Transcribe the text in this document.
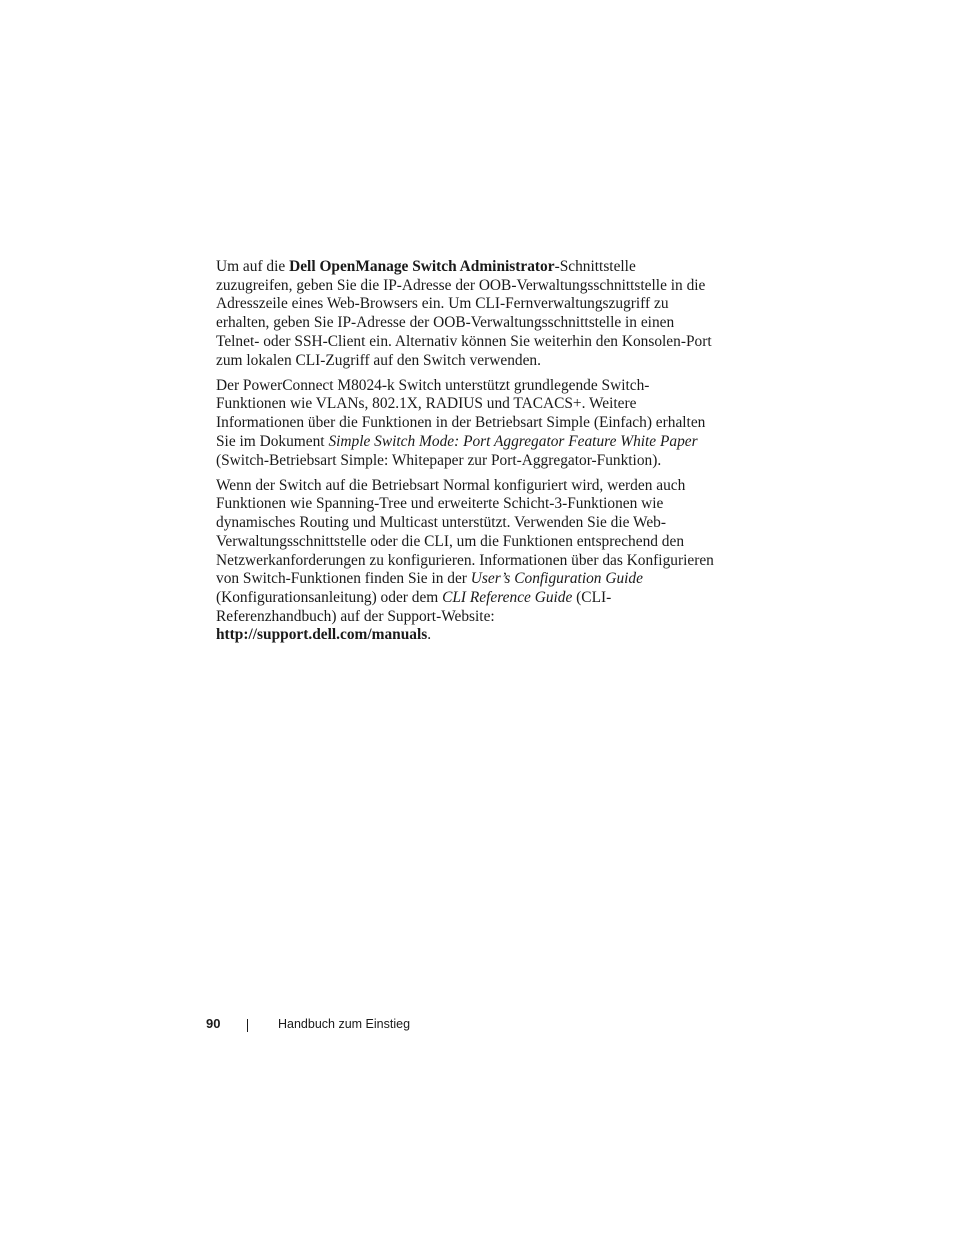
Um auf die Dell OpenManage Switch Administrator-Schnittstelle zuzugreifen, geben Sie die IP-Adresse der OOB-Verwaltungsschnittstelle in die Adresszeile eines Web-Browsers ein. Um CLI-Fernverwaltungszugriff zu erhalten, geben Sie IP-Adresse der OOB-Verwaltungsschnittstelle in einen Telnet- oder SSH-Client ein. Alternativ können Sie weiterhin den Konsolen-Port zum lokalen CLI-Zugriff auf den Switch verwenden.

Der PowerConnect M8024-k Switch unterstützt grundlegende Switch-Funktionen wie VLANs, 802.1X, RADIUS und TACACS+. Weitere Informationen über die Funktionen in der Betriebsart Simple (Einfach) erhalten Sie im Dokument Simple Switch Mode: Port Aggregator Feature White Paper (Switch-Betriebsart Simple: Whitepaper zur Port-Aggregator-Funktion).

Wenn der Switch auf die Betriebsart Normal konfiguriert wird, werden auch Funktionen wie Spanning-Tree und erweiterte Schicht-3-Funktionen wie dynamisches Routing und Multicast unterstützt. Verwenden Sie die Web-Verwaltungsschnittstelle oder die CLI, um die Funktionen entsprechend den Netzwerkanforderungen zu konfigurieren. Informationen über das Konfigurieren von Switch-Funktionen finden Sie in der User’s Configuration Guide (Konfigurationsanleitung) oder dem CLI Reference Guide (CLI-Referenzhandbuch) auf der Support-Website:
http://support.dell.com/manuals.

90	Handbuch zum Einstieg
